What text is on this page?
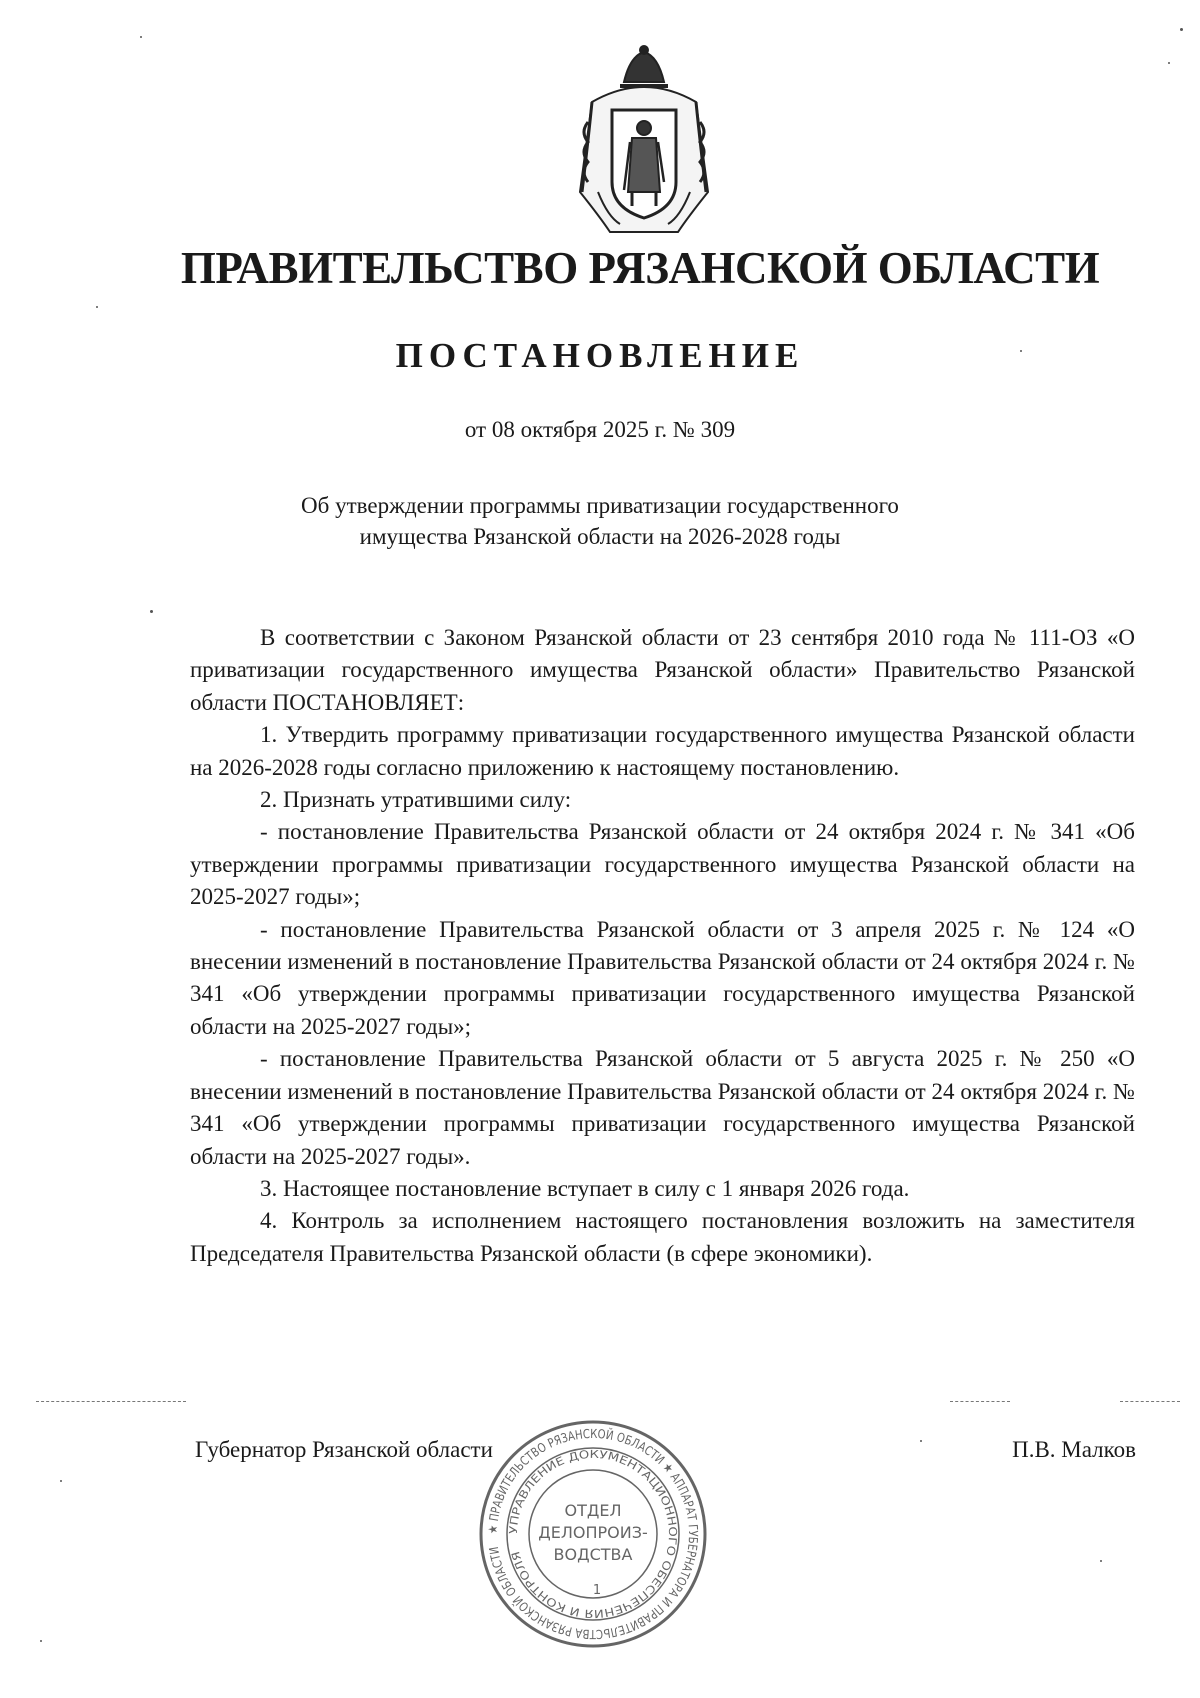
ПРАВИТЕЛЬСТВО РЯЗАНСКОЙ ОБЛАСТИ
ПОСТАНОВЛЕНИЕ
от 08 октября 2025 г. № 309
Об утверждении программы приватизации государственного
имущества Рязанской области на 2026-2028 годы

В соответствии с Законом Рязанской области от 23 сентября 2010 года № 111-ОЗ «О приватизации государственного имущества Рязанской области» Правительство Рязанской области ПОСТАНОВЛЯЕТ:

1. Утвердить программу приватизации государственного имущества Рязанской области на 2026-2028 годы согласно приложению к настоящему постановлению.

2. Признать утратившими силу:

- постановление Правительства Рязанской области от 24 октября 2024 г. № 341 «Об утверждении программы приватизации государственного имущества Рязанской области на 2025-2027 годы»;

- постановление Правительства Рязанской области от 3 апреля 2025 г. № 124 «О внесении изменений в постановление Правительства Рязанской области от 24 октября 2024 г. № 341 «Об утверждении программы приватизации государственного имущества Рязанской области на 2025-2027 годы»;

- постановление Правительства Рязанской области от 5 августа 2025 г. № 250 «О внесении изменений в постановление Правительства Рязанской области от 24 октября 2024 г. № 341 «Об утверждении программы приватизации государственного имущества Рязанской области на 2025-2027 годы».

3. Настоящее постановление вступает в силу с 1 января 2026 года.

4. Контроль за исполнением настоящего постановления возложить на заместителя Председателя Правительства Рязанской области (в сфере экономики).

Губернатор Рязанской области	П.В. Малков
★ ПРАВИТЕЛЬСТВО РЯЗАНСКОЙ ОБЛАСТИ ★ АППАРАТ ГУБЕРНАТОРА И ПРАВИТЕЛЬСТВА РЯЗАНСКОЙ ОБЛАСТИ
УПРАВЛЕНИЕ ДОКУМЕНТАЦИОННОГО ОБЕСПЕЧЕНИЯ И КОНТРОЛЯ
ОТДЕЛ
ДЕЛОПРОИЗ-
ВОДСТВА
1
